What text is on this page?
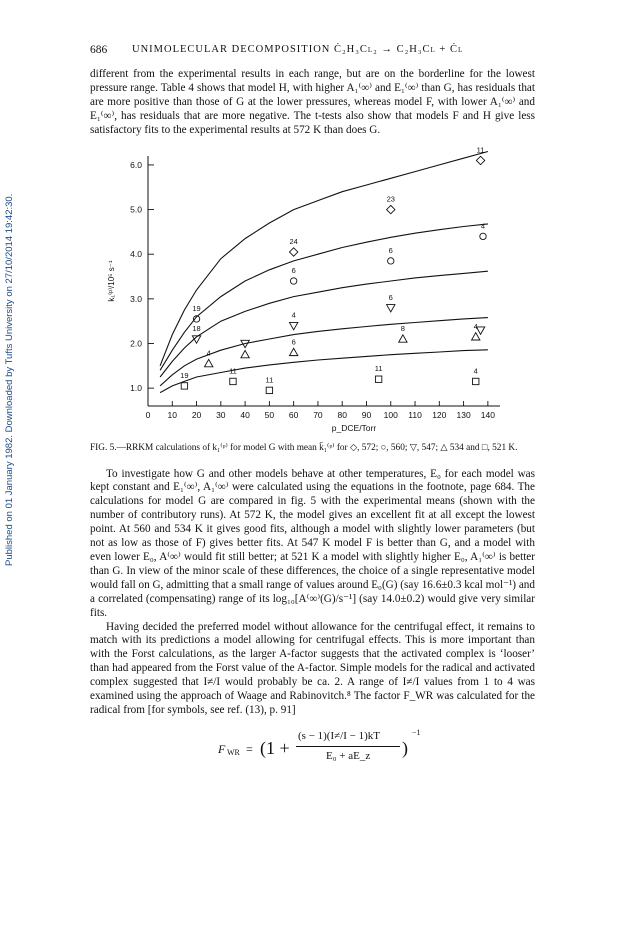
Published on 01 January 1982. Downloaded by Tufts University on 27/10/2014 19:42:30.
686 UNIMOLECULAR DECOMPOSITION Ċ₂H₃Cl₂ → C₂H₃Cl + Ċl

different from the experimental results in each range, but are on the borderline for the lowest pressure range. Table 4 shows that model H, with higher A₁⁽∞⁾ and E₁⁽∞⁾ than G, has residuals that are more positive than those of G at the lower pressures, whereas model F, with lower A₁⁽∞⁾ and E₁⁽∞⁾, has residuals that are more negative. The t-tests also show that models F and H give less satisfactory fits to the experimental results at 572 K than does G.

0 10 20 30 40 50 60 70 80 90 100 110 120 130 140
1.0
2.0
3.0
4.0
5.0
6.0
p_DCE/Torr
k₁⁽ᵖ⁾/10⁵ s⁻¹
24
23
11
19
6
6
4
18
4
6
4
6
8	4
19	11
11
11	4
FIG. 5.—RRKM calculations of k₁⁽ᵖ⁾ for model G with mean k̄₁⁽ᵖ⁾ for ◇, 572; ○, 560; ▽, 547; △ 534 and □, 521 K.

To investigate how G and other models behave at other temperatures, E₀ for each model was kept constant and E₁⁽∞⁾, A₁⁽∞⁾ were calculated using the equations in the footnote, page 684. The calculations for model G are compared in fig. 5 with the experimental means (shown with the number of contributory runs). At 572 K, the model gives an excellent fit at all except the lowest point. At 560 and 534 K it gives good fits, although a model with slightly lower parameters (but not as low as those of F) gives better fits. At 547 K model F is better than G, and a model with even lower E₀, A⁽∞⁾ would fit still better; at 521 K a model with slightly higher E₀, A₁⁽∞⁾ is better than G. In view of the minor scale of these differences, the choice of a single representative model would fall on G, admitting that a small range of values around E₀(G) (say 16.6±0.3 kcal mol⁻¹) and a correlated (compensating) range of its log₁₀[A⁽∞⁾(G)/s⁻¹] (say 14.0±0.2) would give very similar fits.

Having decided the preferred model without allowance for the centrifugal effect, it remains to match with its predictions a model allowing for centrifugal effects. This is more important than with the Forst calculations, as the larger A-factor suggests that the activated complex is ‘looser’ than had appeared from the Forst value of the A-factor. Simple models for the radical and activated complex suggested that I≠/I would probably be ca. 2. A range of I≠/I values from 1 to 4 was examined using the approach of Waage and Rabinovitch.⁸ The factor F_WR was calculated for the radical from [for symbols, see ref. (13), p. 91]

F WR = (1 +
(s − 1)(I≠/I − 1)kT
E₀ + aE_z )
−1
